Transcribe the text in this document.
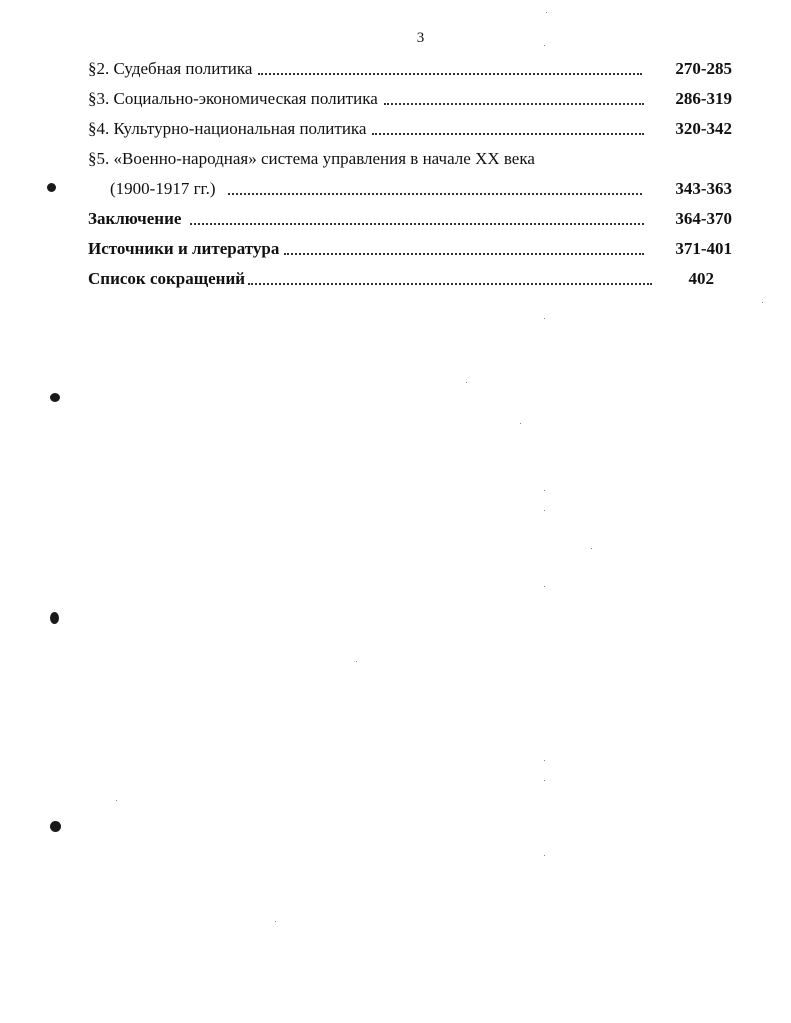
3
§2. Судебная политика	270-285
§3. Социально-экономическая политика	286-319
§4. Культурно-национальная политика	320-342
§5. «Военно-народная» система управления в начале XX века
(1900-1917 гг.)	343-363
Заключение	364-370
Источники и литература	371-401
Список сокращений	402
